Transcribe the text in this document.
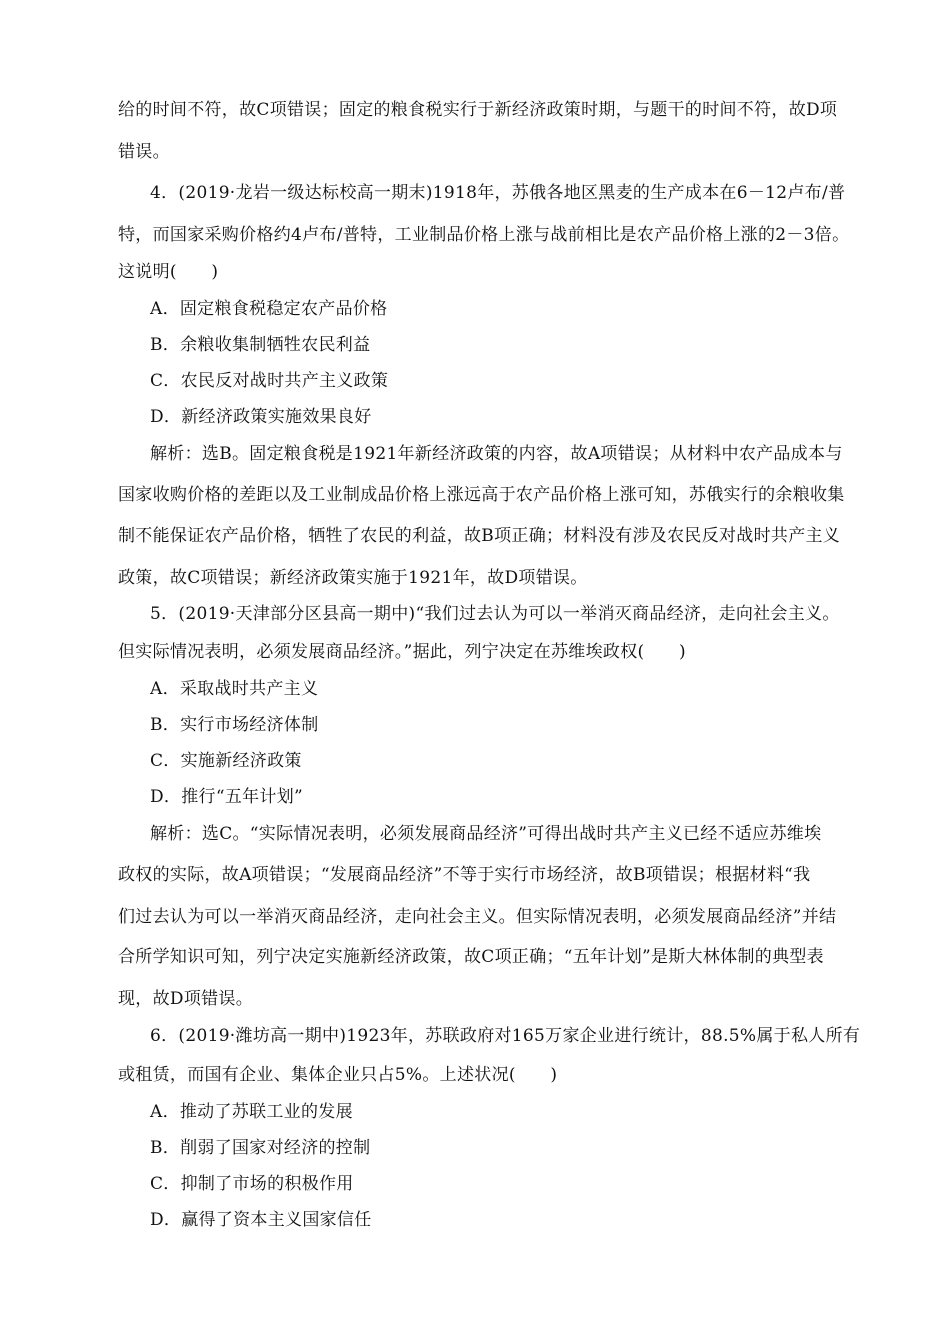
给的时间不符，故C项错误；固定的粮食税实行于新经济政策时期，与题干的时间不符，故D项
错误。
4．(2019·龙岩一级达标校高一期末)1918年，苏俄各地区黑麦的生产成本在6－12卢布/普
特，而国家采购价格约4卢布/普特，工业制品价格上涨与战前相比是农产品价格上涨的2－3倍。
这说明(　　)
A．固定粮食税稳定农产品价格
B．余粮收集制牺牲农民利益
C．农民反对战时共产主义政策
D．新经济政策实施效果良好
解析：选B。固定粮食税是1921年新经济政策的内容，故A项错误；从材料中农产品成本与
国家收购价格的差距以及工业制成品价格上涨远高于农产品价格上涨可知，苏俄实行的余粮收集
制不能保证农产品价格，牺牲了农民的利益，故B项正确；材料没有涉及农民反对战时共产主义
政策，故C项错误；新经济政策实施于1921年，故D项错误。
5．(2019·天津部分区县高一期中)“我们过去认为可以一举消灭商品经济，走向社会主义。
但实际情况表明，必须发展商品经济。”据此，列宁决定在苏维埃政权(　　)
A．采取战时共产主义
B．实行市场经济体制
C．实施新经济政策
D．推行“五年计划”
解析：选C。“实际情况表明，必须发展商品经济”可得出战时共产主义已经不适应苏维埃
政权的实际，故A项错误；“发展商品经济”不等于实行市场经济，故B项错误；根据材料“我
们过去认为可以一举消灭商品经济，走向社会主义。但实际情况表明，必须发展商品经济”并结
合所学知识可知，列宁决定实施新经济政策，故C项正确；“五年计划”是斯大林体制的典型表
现，故D项错误。
6．(2019·潍坊高一期中)1923年，苏联政府对165万家企业进行统计，88.5%属于私人所有
或租赁，而国有企业、集体企业只占5%。上述状况(　　)
A．推动了苏联工业的发展
B．削弱了国家对经济的控制
C．抑制了市场的积极作用
D．赢得了资本主义国家信任
